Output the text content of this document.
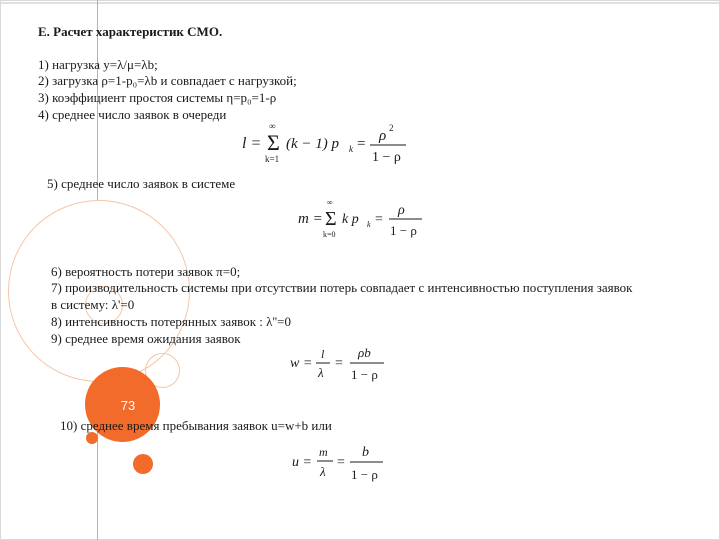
73
Е. Расчет характеристик СМО.
1) нагрузка y=λ/μ=λb;
2) загрузка ρ=1-p₀=λb и совпадает с нагрузкой;
3) коэффициент простоя системы η=p₀=1-ρ
4) среднее число заявок в очереди
l =
∞
Σ
k=1
(k − 1) p k = ρ 2
1 − ρ
5) среднее число заявок в системе
m =
∞
Σ
k=0
k p k =
ρ
1 − ρ
6) вероятность потери заявок π=0;
7) производительность системы при отсутствии потерь совпадает с интенсивностью поступления заявок
в систему: λ'=0
8) интенсивность потерянных заявок : λ''=0
9) среднее время ожидания заявок
w =
l
λ
=
ρb
1 − ρ
10) среднее время пребывания заявок u=w+b или
u =
m
λ
=
b
1 − ρ
